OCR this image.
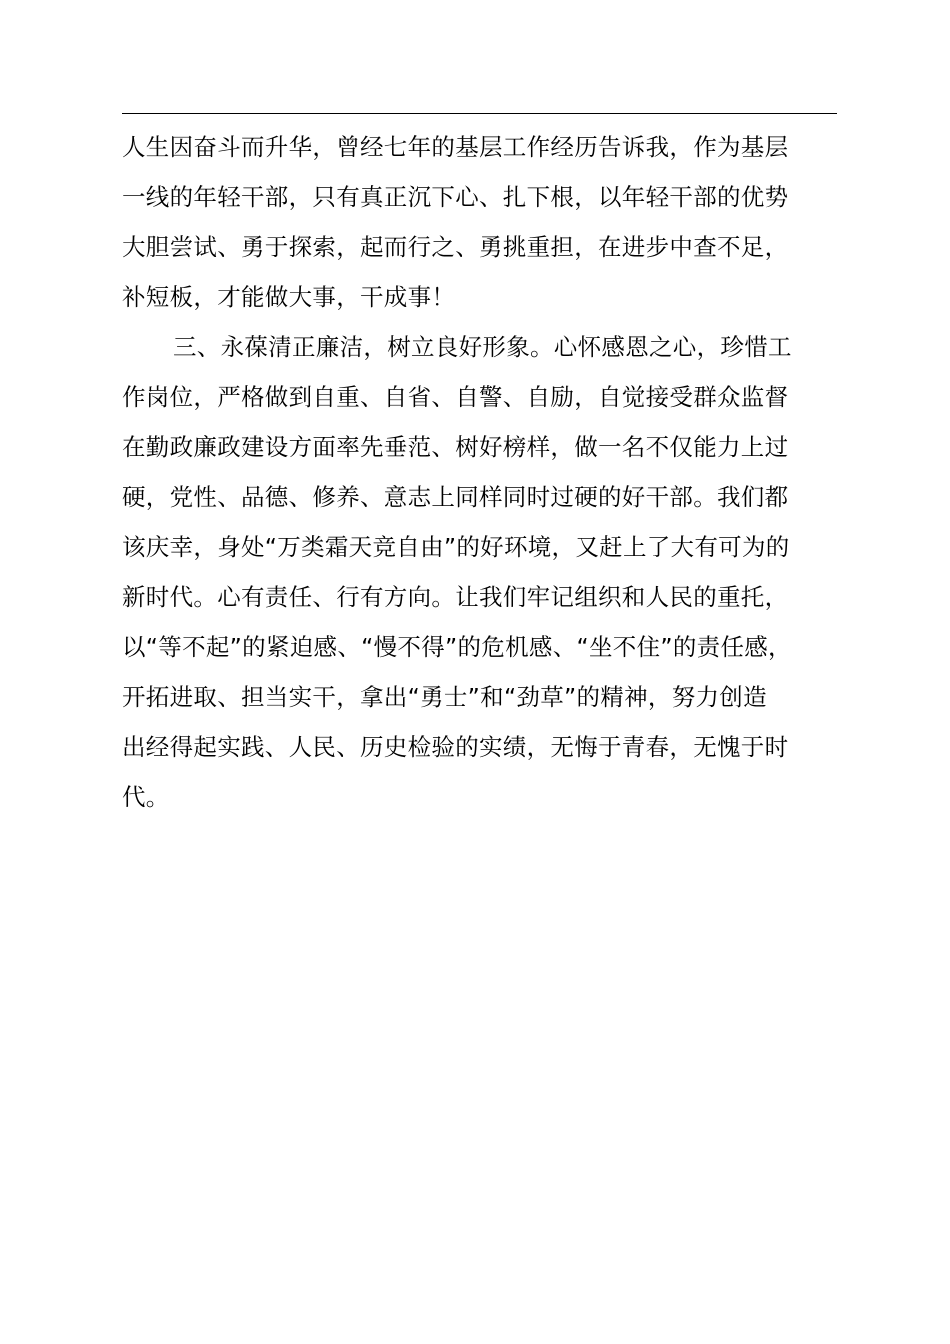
人生因奋斗而升华，曾经七年的基层工作经历告诉我，作为基层
一线的年轻干部，只有真正沉下心、扎下根，以年轻干部的优势
大胆尝试、勇于探索，起而行之、勇挑重担，在进步中查不足，
补短板，才能做大事，干成事！
三、永葆清正廉洁，树立良好形象。心怀感恩之心，珍惜工
作岗位，严格做到自重、自省、自警、自励，自觉接受群众监督
在勤政廉政建设方面率先垂范、树好榜样，做一名不仅能力上过
硬，党性、品德、修养、意志上同样同时过硬的好干部。我们都
该庆幸，身处“万类霜天竞自由”的好环境，又赶上了大有可为的
新时代。心有责任、行有方向。让我们牢记组织和人民的重托，
以“等不起”的紧迫感、“慢不得”的危机感、“坐不住”的责任感，
开拓进取、担当实干，拿出“勇士”和“劲草”的精神，努力创造
出经得起实践、人民、历史检验的实绩，无悔于青春，无愧于时
代。
